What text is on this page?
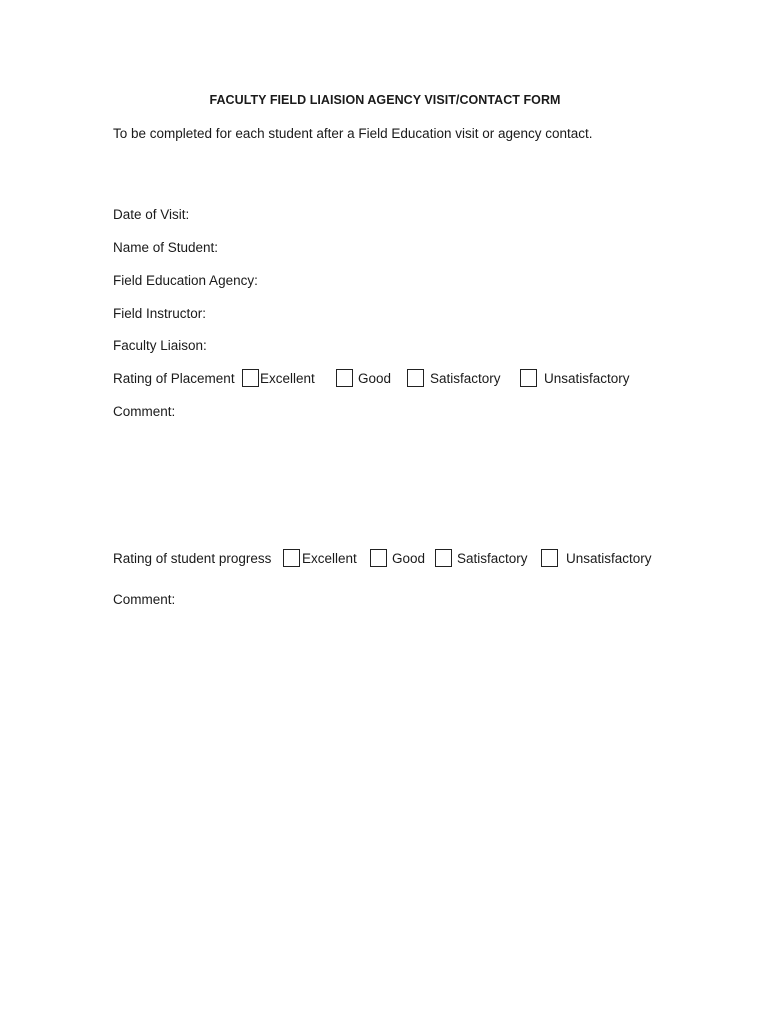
FACULTY FIELD LIAISION AGENCY VISIT/CONTACT FORM
To be completed for each student after a Field Education visit or agency contact.
Date of Visit:
Name of Student:
Field Education Agency:
Field Instructor:
Faculty Liaison:
Rating of Placement Excellent	Good	Satisfactory	Unsatisfactory
Comment:
Rating of student progress Excellent	Good Satisfactory	Unsatisfactory
Comment:
